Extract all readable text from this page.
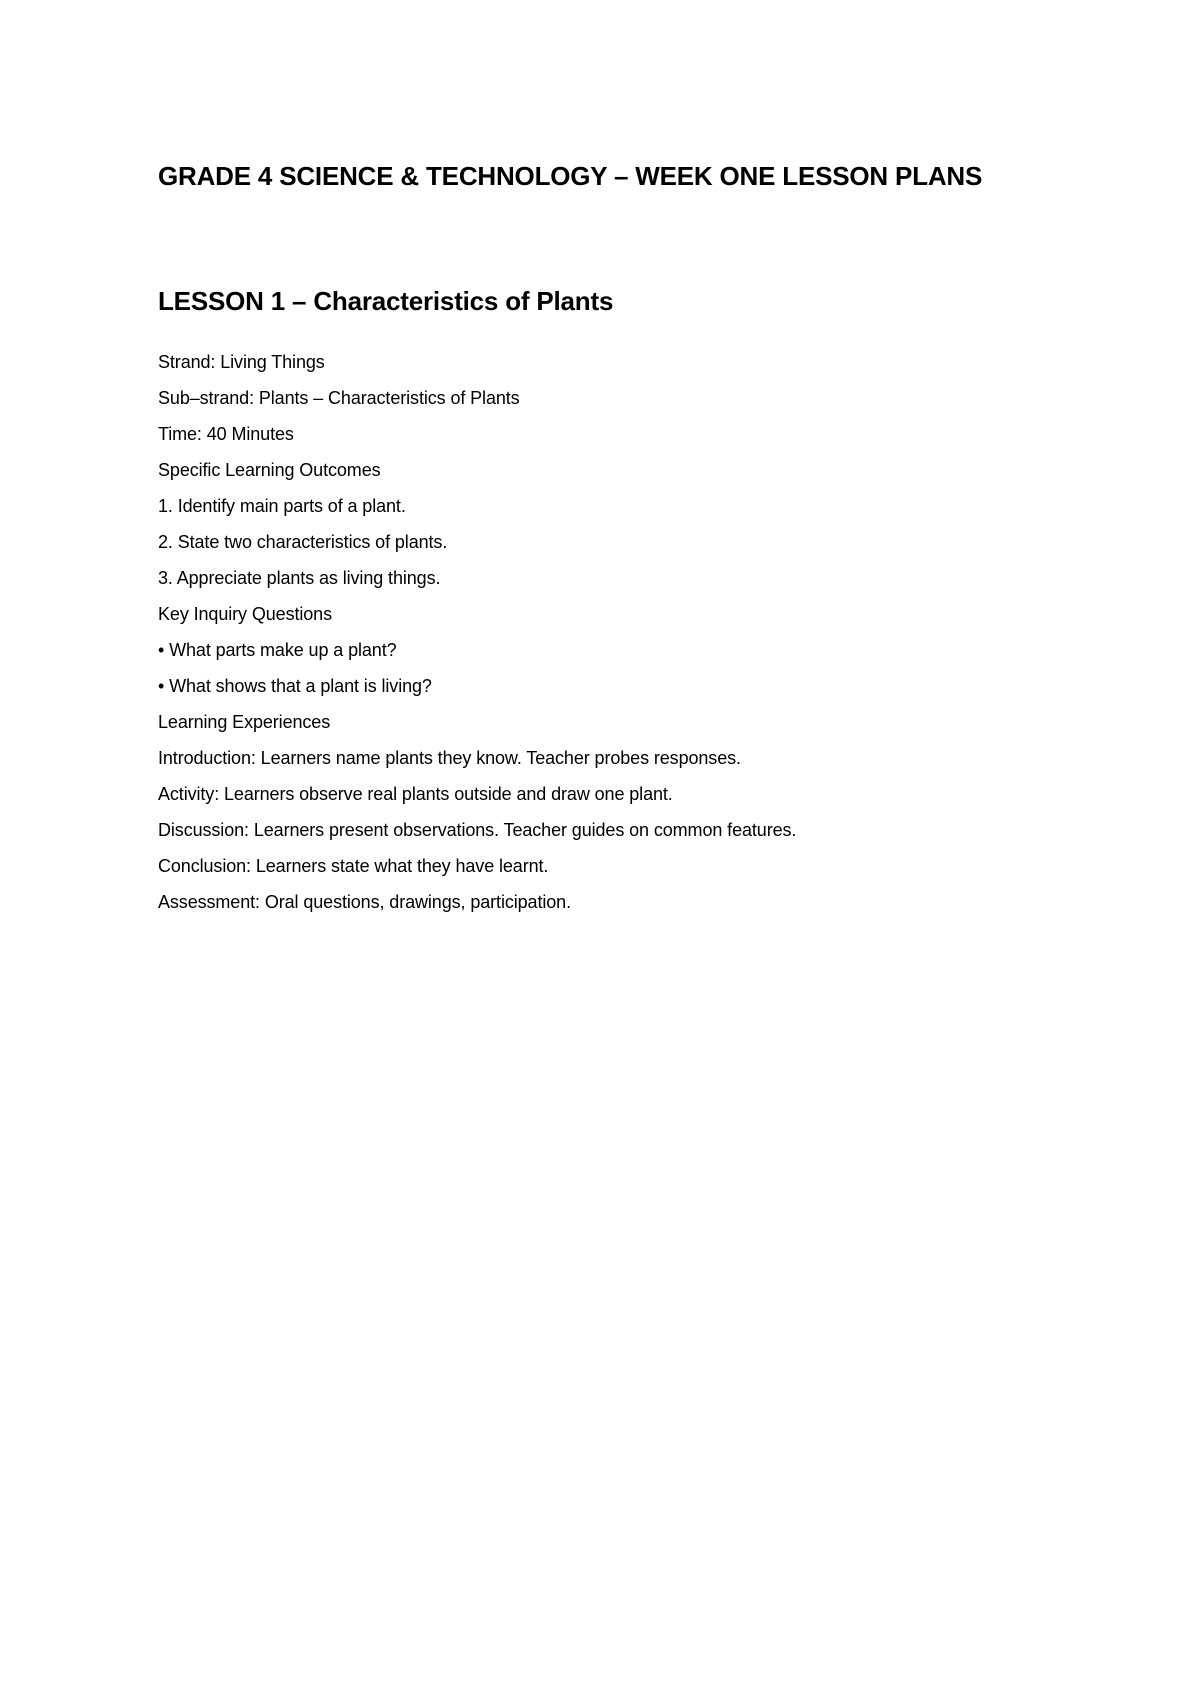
GRADE 4 SCIENCE & TECHNOLOGY – WEEK ONE LESSON PLANS
LESSON 1 – Characteristics of Plants
Strand: Living Things
Sub–strand: Plants – Characteristics of Plants
Time: 40 Minutes
Specific Learning Outcomes
1. Identify main parts of a plant.
2. State two characteristics of plants.
3. Appreciate plants as living things.
Key Inquiry Questions
• What parts make up a plant?
• What shows that a plant is living?
Learning Experiences
Introduction: Learners name plants they know. Teacher probes responses.
Activity: Learners observe real plants outside and draw one plant.
Discussion: Learners present observations. Teacher guides on common features.
Conclusion: Learners state what they have learnt.
Assessment: Oral questions, drawings, participation.
